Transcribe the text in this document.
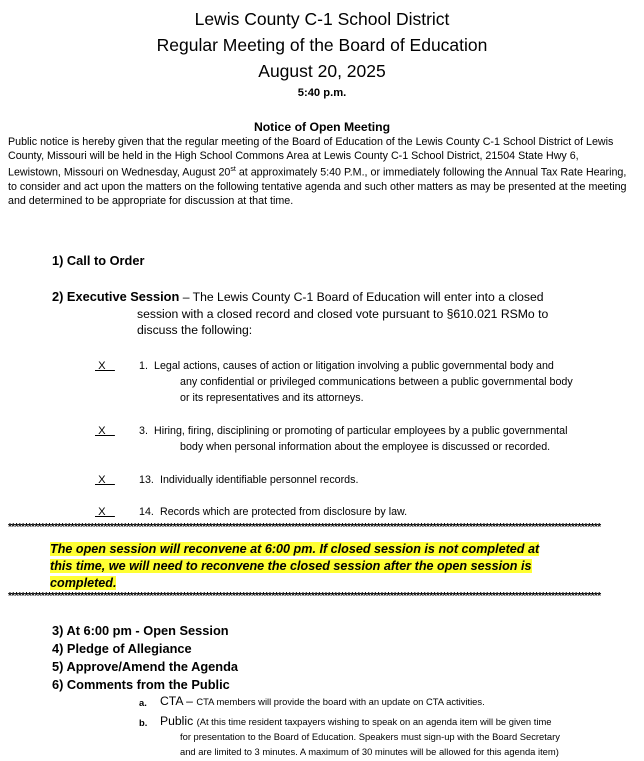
Lewis County C-1 School District
Regular Meeting of the Board of Education
August 20, 2025
5:40 p.m.
Notice of Open Meeting
Public notice is hereby given that the regular meeting of the Board of Education of the Lewis County C-1 School District of Lewis County, Missouri will be held in the High School Commons Area at Lewis County C-1 School District, 21504 State Hwy 6, Lewistown, Missouri on Wednesday, August 20st at approximately 5:40 P.M., or immediately following the Annual Tax Rate Hearing, to consider and act upon the matters on the following tentative agenda and such other matters as may be presented at the meeting and determined to be appropriate for discussion at that time.
1) Call to Order
2) Executive Session – The Lewis County C-1 Board of Education will enter into a closed
session with a closed record and closed vote pursuant to §610.021 RSMo to
discuss the following:
X 1. Legal actions, causes of action or litigation involving a public governmental body and
any confidential or privileged communications between a public governmental body
or its representatives and its attorneys.
X 3. Hiring, firing, disciplining or promoting of particular employees by a public governmental
body when personal information about the employee is discussed or recorded.
X 13. Individually identifiable personnel records.
X 14. Records which are protected from disclosure by law.
************************************************************************************************************************************************************************************
The open session will reconvene at 6:00 pm. If closed session is not completed at
this time, we will need to reconvene the closed session after the open session is
completed.
************************************************************************************************************************************************************************************
3) At 6:00 pm - Open Session
4) Pledge of Allegiance
5) Approve/Amend the Agenda
6) Comments from the Public
a. CTA – CTA members will provide the board with an update on CTA activities.
b. Public (At this time resident taxpayers wishing to speak on an agenda item will be given time
for presentation to the Board of Education. Speakers must sign-up with the Board Secretary
and are limited to 3 minutes. A maximum of 30 minutes will be allowed for this agenda item)
